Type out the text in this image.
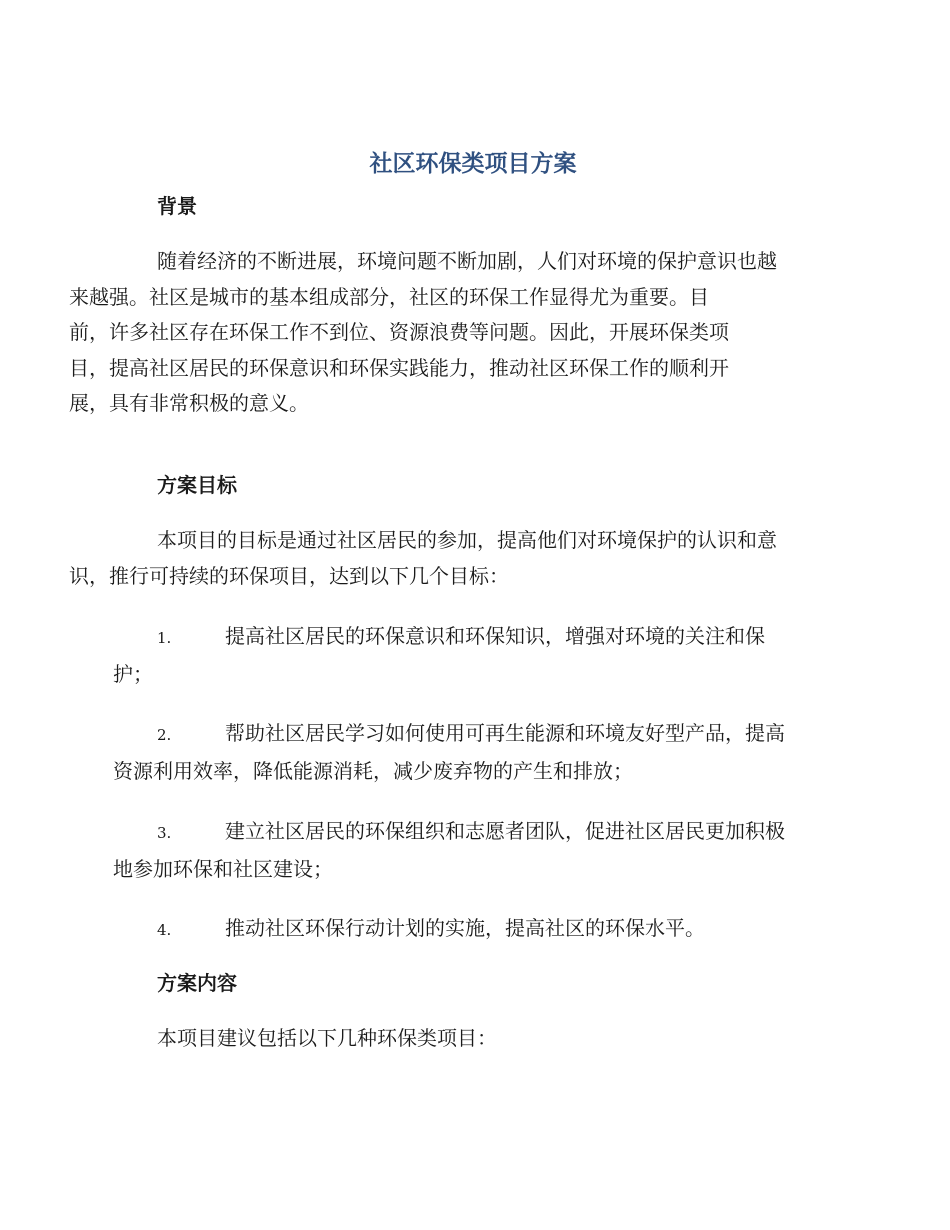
社区环保类项目方案
背景

随着经济的不断进展，环境问题不断加剧，人们对环境的保护意识也越
来越强。社区是城市的基本组成部分，社区的环保工作显得尤为重要。目
前，许多社区存在环保工作不到位、资源浪费等问题。因此，开展环保类项
目，提高社区居民的环保意识和环保实践能力，推动社区环保工作的顺利开
展，具有非常积极的意义。

方案目标

本项目的目标是通过社区居民的参加，提高他们对环境保护的认识和意
识，推行可持续的环保项目，达到以下几个目标：

1.	提高社区居民的环保意识和环保知识，增强对环境的关注和保
护；
2.	帮助社区居民学习如何使用可再生能源和环境友好型产品，提高
资源利用效率，降低能源消耗，减少废弃物的产生和排放；
3.	建立社区居民的环保组织和志愿者团队，促进社区居民更加积极
地参加环保和社区建设；
4.	推动社区环保行动计划的实施，提高社区的环保水平。
方案内容

本项目建议包括以下几种环保类项目：
